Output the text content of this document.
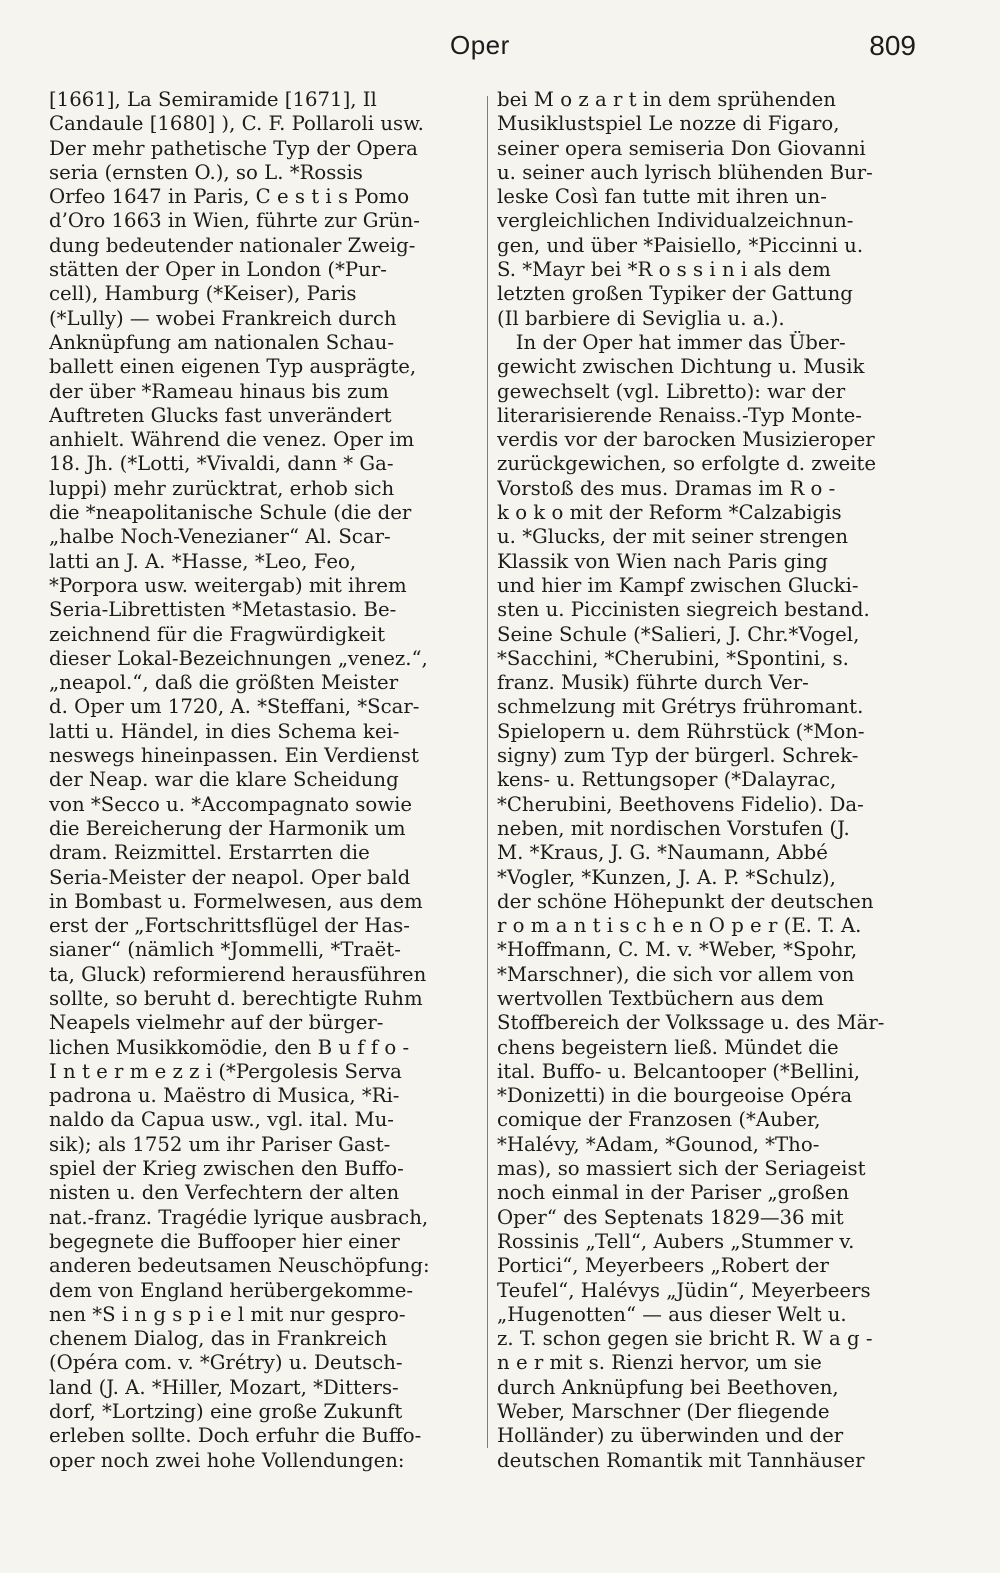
Oper	809
[1661], La Semiramide [1671], Il
Candaule [1680] ), C. F. Pollaroli usw.
Der mehr pathetische Typ der Opera
seria (ernsten O.), so L. *Rossis
Orfeo 1647 in Paris, C e s t i s Pomo
d’Oro 1663 in Wien, führte zur Grün-
dung bedeutender nationaler Zweig-
stätten der Oper in London (*Pur-
cell), Hamburg (*Keiser), Paris
(*Lully) — wobei Frankreich durch
Anknüpfung am nationalen Schau-
ballett einen eigenen Typ ausprägte,
der über *Rameau hinaus bis zum
Auftreten Glucks fast unverändert
anhielt. Während die venez. Oper im
18. Jh. (*Lotti, *Vivaldi, dann * Ga-
luppi) mehr zurücktrat, erhob sich
die *neapolitanische Schule (die der
„halbe Noch-Venezianer“ Al. Scar-
latti an J. A. *Hasse, *Leo, Feo,
*Porpora usw. weitergab) mit ihrem
Seria-Librettisten *Metastasio. Be-
zeichnend für die Fragwürdigkeit
dieser Lokal-Bezeichnungen „venez.“,
„neapol.“, daß die größten Meister
d. Oper um 1720, A. *Steffani, *Scar-
latti u. Händel, in dies Schema kei-
neswegs hineinpassen. Ein Verdienst
der Neap. war die klare Scheidung
von *Secco u. *Accompagnato sowie
die Bereicherung der Harmonik um
dram. Reizmittel. Erstarrten die
Seria-Meister der neapol. Oper bald
in Bombast u. Formelwesen, aus dem
erst der „Fortschrittsflügel der Has-
sianer“ (nämlich *Jommelli, *Traët-
ta, Gluck) reformierend herausführen
sollte, so beruht d. berechtigte Ruhm
Neapels vielmehr auf der bürger-
lichen Musikkomödie, den B u f f o -
I n t e r m e z z i (*Pergolesis Serva
padrona u. Maëstro di Musica, *Ri-
naldo da Capua usw., vgl. ital. Mu-
sik); als 1752 um ihr Pariser Gast-
spiel der Krieg zwischen den Buffo-
nisten u. den Verfechtern der alten
nat.-franz. Tragédie lyrique ausbrach,
begegnete die Buffooper hier einer
anderen bedeutsamen Neuschöpfung:
dem von England herübergekomme-
nen *S i n g s p i e l mit nur gespro-
chenem Dialog, das in Frankreich
(Opéra com. v. *Grétry) u. Deutsch-
land (J. A. *Hiller, Mozart, *Ditters-
dorf, *Lortzing) eine große Zukunft
erleben sollte. Doch erfuhr die Buffo-
oper noch zwei hohe Vollendungen:
bei M o z a r t in dem sprühenden
Musiklustspiel Le nozze di Figaro,
seiner opera semiseria Don Giovanni
u. seiner auch lyrisch blühenden Bur-
leske Così fan tutte mit ihren un-
vergleichlichen Individualzeichnun-
gen, und über *Paisiello, *Piccinni u.
S. *Mayr bei *R o s s i n i als dem
letzten großen Typiker der Gattung
(Il barbiere di Seviglia u. a.).
In der Oper hat immer das Über-
gewicht zwischen Dichtung u. Musik
gewechselt (vgl. Libretto): war der
literarisierende Renaiss.-Typ Monte-
verdis vor der barocken Musizieroper
zurückgewichen, so erfolgte d. zweite
Vorstoß des mus. Dramas im R o -
k o k o mit der Reform *Calzabigis
u. *Glucks, der mit seiner strengen
Klassik von Wien nach Paris ging
und hier im Kampf zwischen Glucki-
sten u. Piccinisten siegreich bestand.
Seine Schule (*Salieri, J. Chr.*Vogel,
*Sacchini, *Cherubini, *Spontini, s.
franz. Musik) führte durch Ver-
schmelzung mit Grétrys frühromant.
Spielopern u. dem Rührstück (*Mon-
signy) zum Typ der bürgerl. Schrek-
kens- u. Rettungsoper (*Dalayrac,
*Cherubini, Beethovens Fidelio). Da-
neben, mit nordischen Vorstufen (J.
M. *Kraus, J. G. *Naumann, Abbé
*Vogler, *Kunzen, J. A. P. *Schulz),
der schöne Höhepunkt der deutschen
r o m a n t i s c h e n O p e r (E. T. A.
*Hoffmann, C. M. v. *Weber, *Spohr,
*Marschner), die sich vor allem von
wertvollen Textbüchern aus dem
Stoffbereich der Volkssage u. des Mär-
chens begeistern ließ. Mündet die
ital. Buffo- u. Belcantooper (*Bellini,
*Donizetti) in die bourgeoise Opéra
comique der Franzosen (*Auber,
*Halévy, *Adam, *Gounod, *Tho-
mas), so massiert sich der Seriageist
noch einmal in der Pariser „großen
Oper“ des Septenats 1829—36 mit
Rossinis „Tell“, Aubers „Stummer v.
Portici“, Meyerbeers „Robert der
Teufel“, Halévys „Jüdin“, Meyerbeers
„Hugenotten“ — aus dieser Welt u.
z. T. schon gegen sie bricht R. W a g -
n e r mit s. Rienzi hervor, um sie
durch Anknüpfung bei Beethoven,
Weber, Marschner (Der fliegende
Holländer) zu überwinden und der
deutschen Romantik mit Tannhäuser
